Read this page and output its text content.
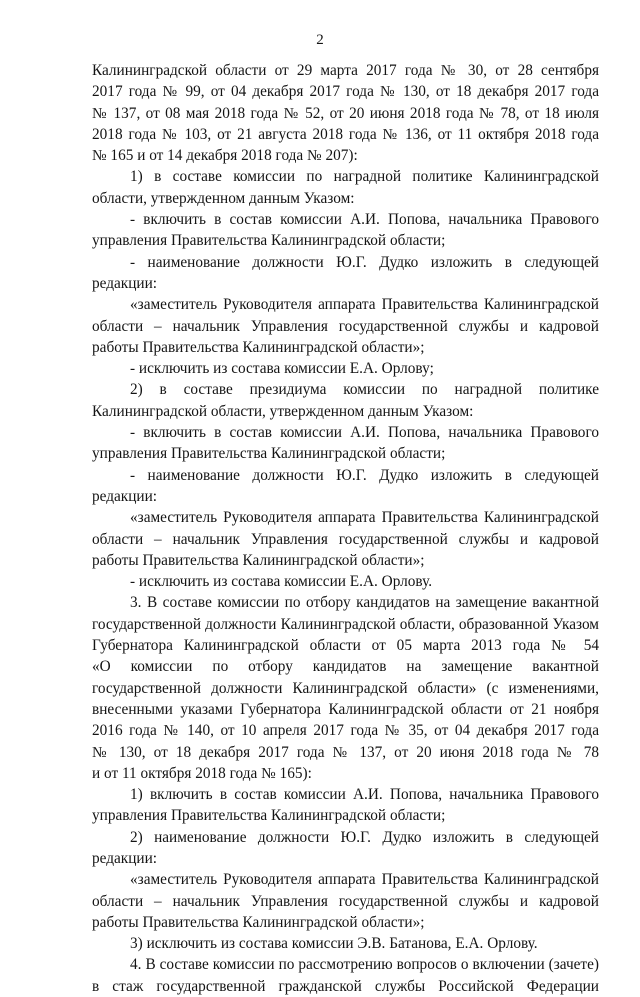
2
Калининградской области от 29 марта 2017 года № 30, от 28 сентября
2017 года № 99, от 04 декабря 2017 года № 130, от 18 декабря 2017 года
№ 137, от 08 мая 2018 года № 52, от 20 июня 2018 года № 78, от 18 июля
2018 года № 103, от 21 августа 2018 года № 136, от 11 октября 2018 года
№ 165 и от 14 декабря 2018 года № 207):
1) в составе комиссии по наградной политике Калининградской
области, утвержденном данным Указом:
- включить в состав комиссии А.И. Попова, начальника Правового
управления Правительства Калининградской области;
- наименование должности Ю.Г. Дудко изложить в следующей
редакции:
«заместитель Руководителя аппарата Правительства Калининградской
области – начальник Управления государственной службы и кадровой
работы Правительства Калининградской области»;
- исключить из состава комиссии Е.А. Орлову;
2) в составе президиума комиссии по наградной политике
Калининградской области, утвержденном данным Указом:
- включить в состав комиссии А.И. Попова, начальника Правового
управления Правительства Калининградской области;
- наименование должности Ю.Г. Дудко изложить в следующей
редакции:
«заместитель Руководителя аппарата Правительства Калининградской
области – начальник Управления государственной службы и кадровой
работы Правительства Калининградской области»;
- исключить из состава комиссии Е.А. Орлову.
3. В составе комиссии по отбору кандидатов на замещение вакантной
государственной должности Калининградской области, образованной Указом
Губернатора Калининградской области от 05 марта 2013 года № 54
«О комиссии по отбору кандидатов на замещение вакантной
государственной должности Калининградской области» (с изменениями,
внесенными указами Губернатора Калининградской области от 21 ноября
2016 года № 140, от 10 апреля 2017 года № 35, от 04 декабря 2017 года
№ 130, от 18 декабря 2017 года № 137, от 20 июня 2018 года № 78
и от 11 октября 2018 года № 165):
1) включить в состав комиссии А.И. Попова, начальника Правового
управления Правительства Калининградской области;
2) наименование должности Ю.Г. Дудко изложить в следующей
редакции:
«заместитель Руководителя аппарата Правительства Калининградской
области – начальник Управления государственной службы и кадровой
работы Правительства Калининградской области»;
3) исключить из состава комиссии Э.В. Батанова, Е.А. Орлову.
4. В составе комиссии по рассмотрению вопросов о включении (зачете)
в стаж государственной гражданской службы Российской Федерации
